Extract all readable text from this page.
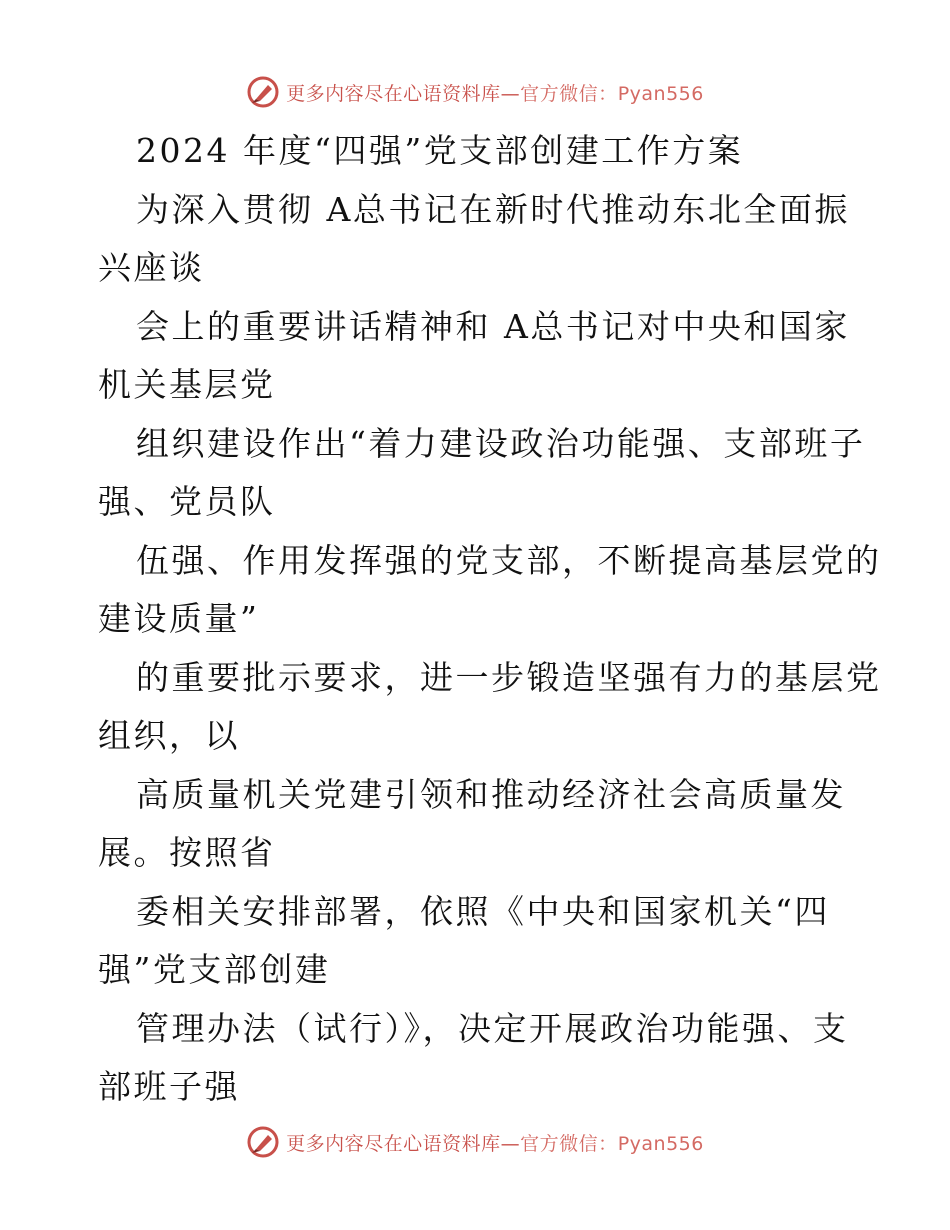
更多内容尽在心语资料库—官方微信：Pyan556
2024 年度“四强”党支部创建工作方案
为深入贯彻 A总书记在新时代推动东北全面振
兴座谈
会上的重要讲话精神和 A总书记对中央和国家
机关基层党
组织建设作出“着力建设政治功能强、支部班子
强、党员队
伍强、作用发挥强的党支部，不断提高基层党的
建设质量”
的重要批示要求，进一步锻造坚强有力的基层党
组织，以
高质量机关党建引领和推动经济社会高质量发
展。按照省
委相关安排部署，依照《中央和国家机关“四
强”党支部创建
管理办法（试行）》，决定开展政治功能强、支
部班子强
更多内容尽在心语资料库—官方微信：Pyan556
